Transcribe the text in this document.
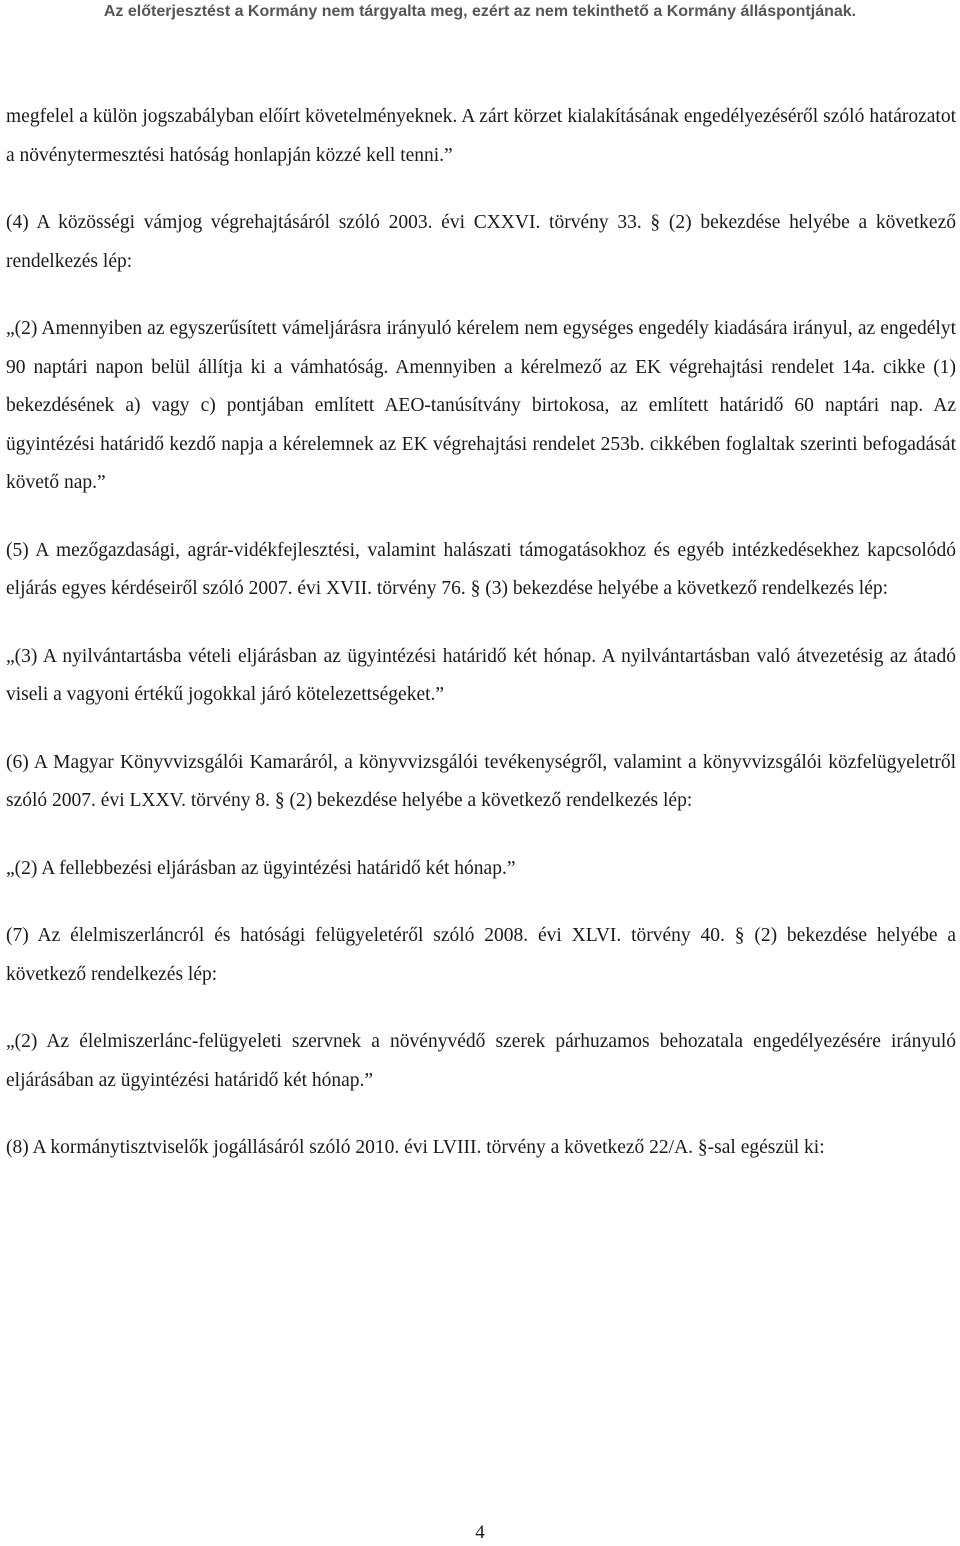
Az előterjesztést a Kormány nem tárgyalta meg, ezért az nem tekinthető a Kormány álláspontjának.

megfelel a külön jogszabályban előírt követelményeknek. A zárt körzet kialakításának engedélyezéséről szóló határozatot a növénytermesztési hatóság honlapján közzé kell tenni.”

(4) A közösségi vámjog végrehajtásáról szóló 2003. évi CXXVI. törvény 33. § (2) bekezdése helyébe a következő rendelkezés lép:

„(2) Amennyiben az egyszerűsített vámeljárásra irányuló kérelem nem egységes engedély kiadására irányul, az engedélyt 90 naptári napon belül állítja ki a vámhatóság. Amennyiben a kérelmező az EK végrehajtási rendelet 14a. cikke (1) bekezdésének a) vagy c) pontjában említett AEO-tanúsítvány birtokosa, az említett határidő 60 naptári nap. Az ügyintézési határidő kezdő napja a kérelemnek az EK végrehajtási rendelet 253b. cikkében foglaltak szerinti befogadását követő nap.”

(5) A mezőgazdasági, agrár-vidékfejlesztési, valamint halászati támogatásokhoz és egyéb intézkedésekhez kapcsolódó eljárás egyes kérdéseiről szóló 2007. évi XVII. törvény 76. § (3) bekezdése helyébe a következő rendelkezés lép:

„(3) A nyilvántartásba vételi eljárásban az ügyintézési határidő két hónap. A nyilvántartásban való átvezetésig az átadó viseli a vagyoni értékű jogokkal járó kötelezettségeket.”

(6) A Magyar Könyvvizsgálói Kamaráról, a könyvvizsgálói tevékenységről, valamint a könyvvizsgálói közfelügyeletről szóló 2007. évi LXXV. törvény 8. § (2) bekezdése helyébe a következő rendelkezés lép:

„(2) A fellebbezési eljárásban az ügyintézési határidő két hónap.”

(7) Az élelmiszerláncról és hatósági felügyeletéről szóló 2008. évi XLVI. törvény 40. § (2) bekezdése helyébe a következő rendelkezés lép:

„(2) Az élelmiszerlánc-felügyeleti szervnek a növényvédő szerek párhuzamos behozatala engedélyezésére irányuló eljárásában az ügyintézési határidő két hónap.”

(8) A kormánytisztviselők jogállásáról szóló 2010. évi LVIII. törvény a következő 22/A. §-sal egészül ki:

4
